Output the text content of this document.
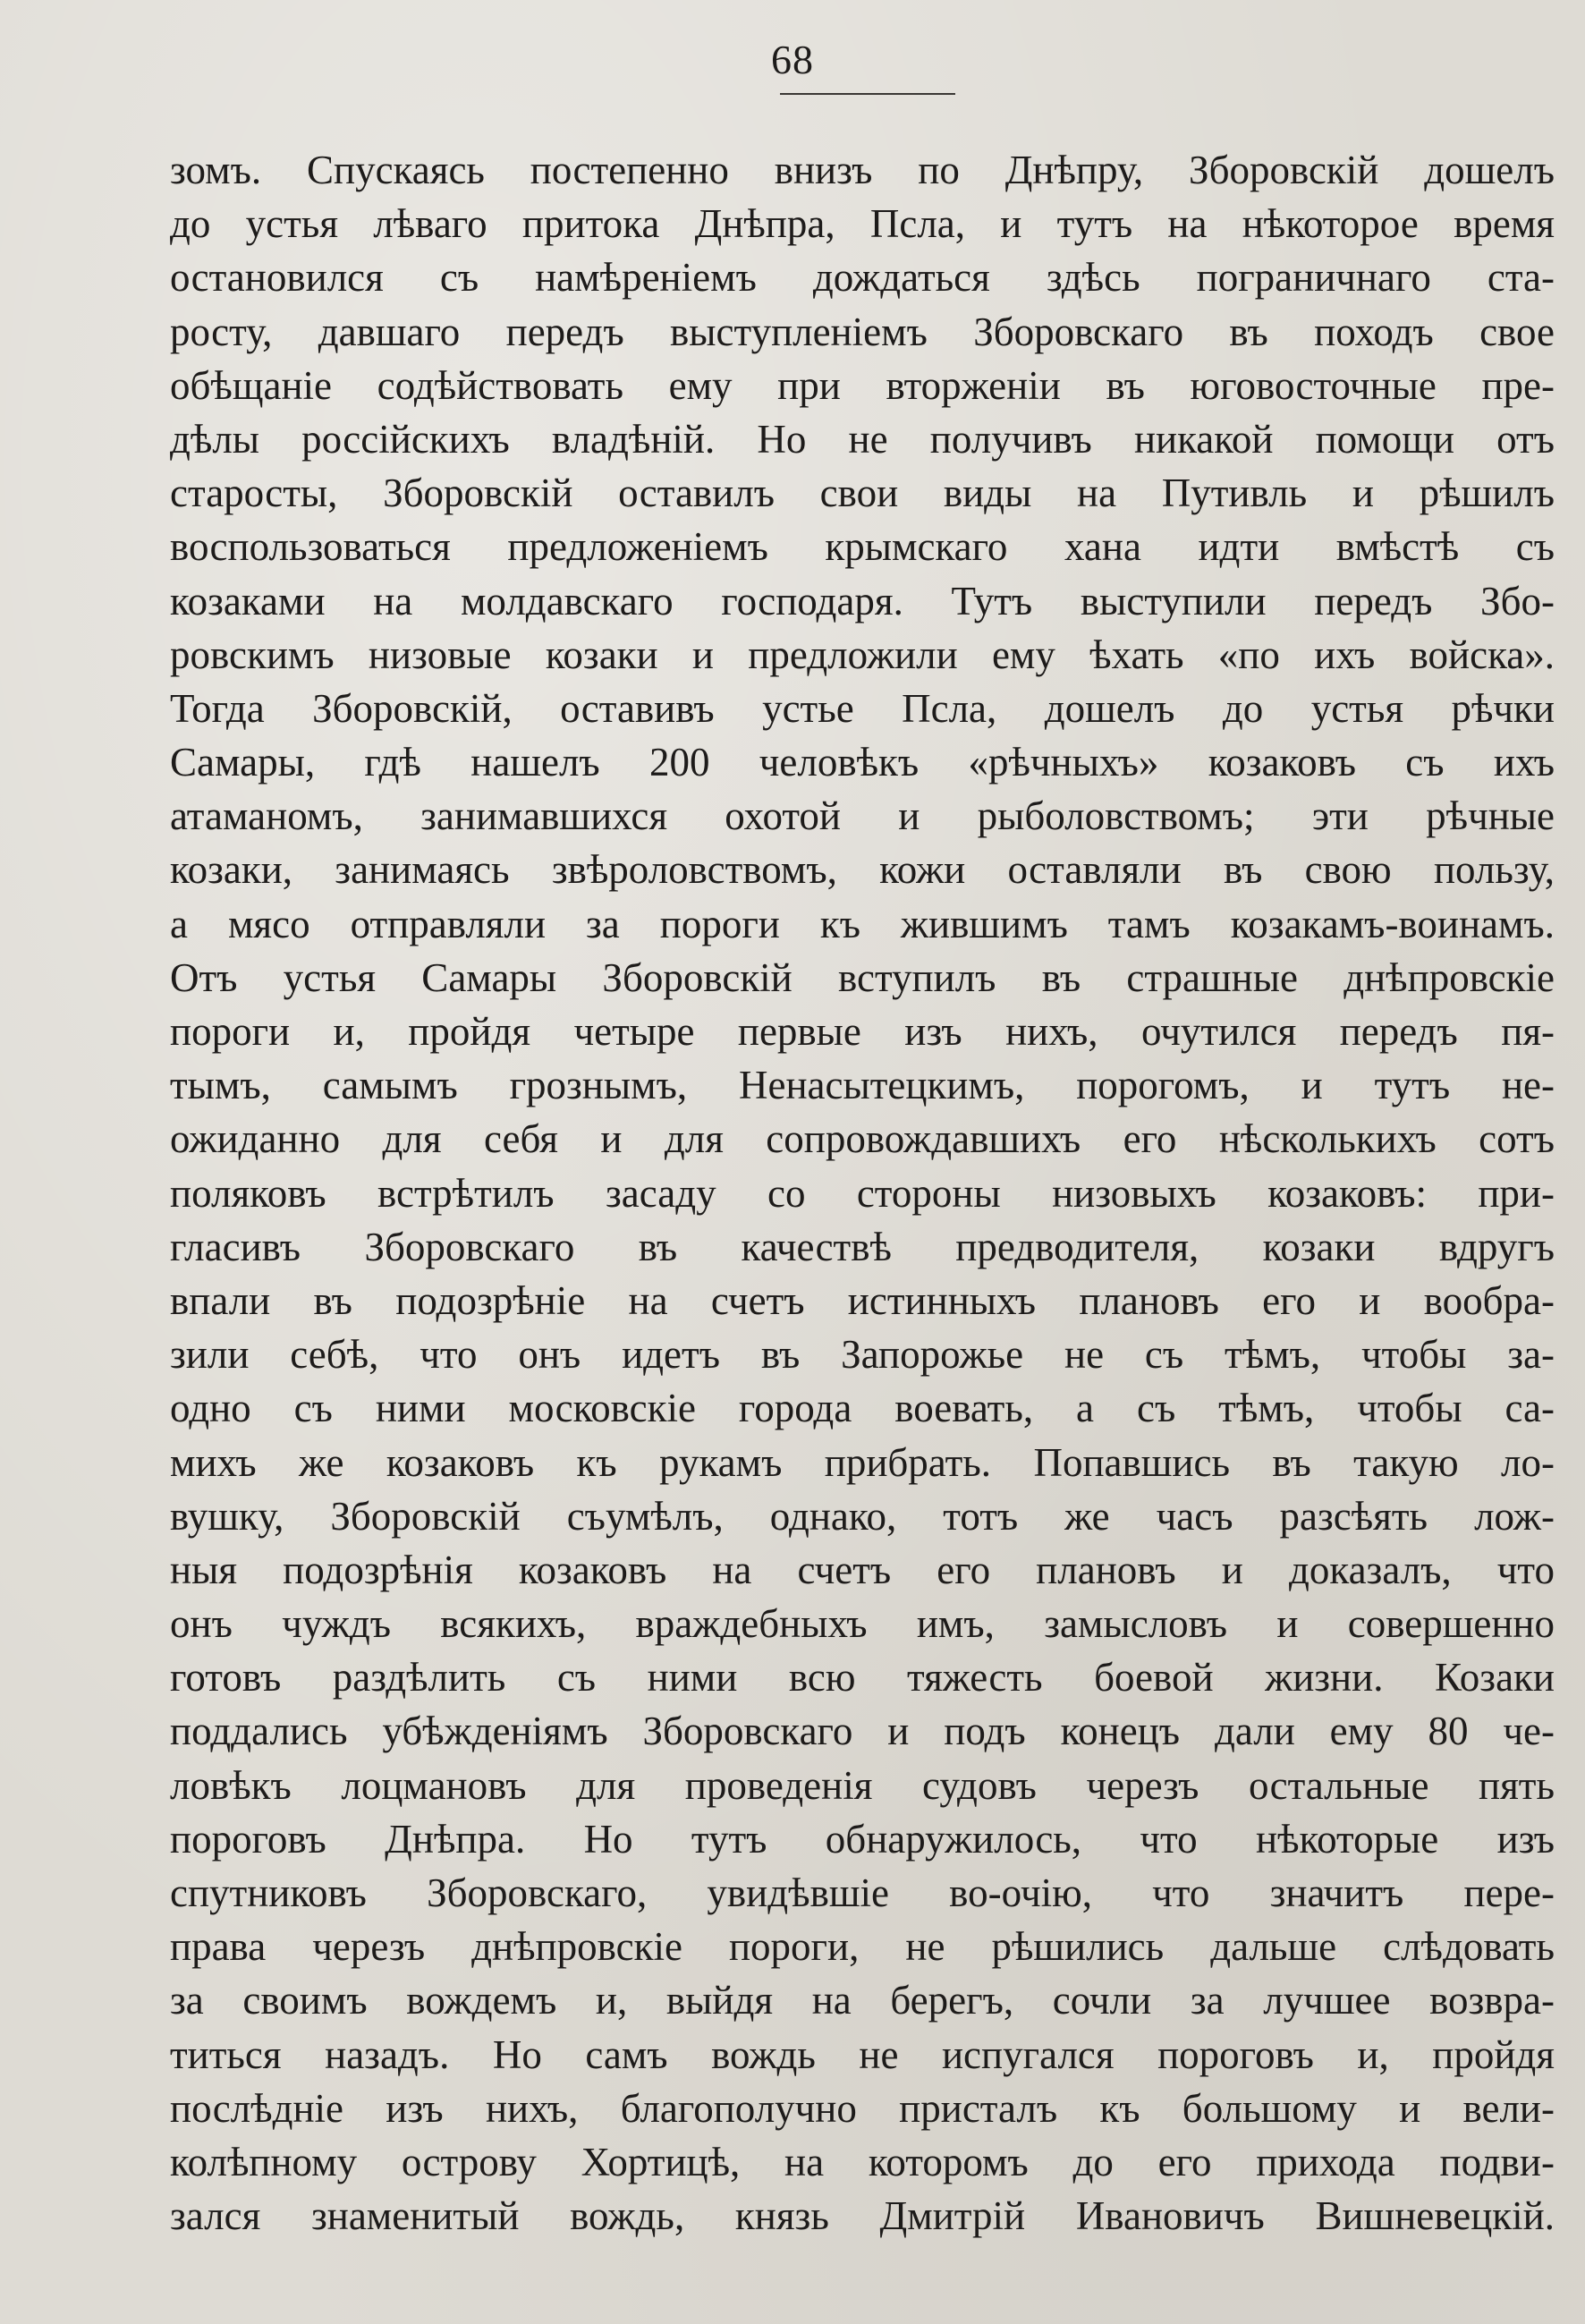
68
зомъ. Спускаясь постепенно внизъ по Днѣпру, Зборовскій дошелъ
до устья лѣваго притока Днѣпра, Псла, и тутъ на нѣкоторое время
остановился съ намѣреніемъ дождаться здѣсь пограничнаго ста-
росту, давшаго передъ выступленіемъ Зборовскаго въ походъ свое
обѣщаніе содѣйствовать ему при вторженіи въ юговосточные пре-
дѣлы россійскихъ владѣній. Но не получивъ никакой помощи отъ
старосты, Зборовскій оставилъ свои виды на Путивль и рѣшилъ
воспользоваться предложеніемъ крымскаго хана идти вмѣстѣ съ
козаками на молдавскаго господаря. Тутъ выступили передъ Збо-
ровскимъ низовые козаки и предложили ему ѣхать «по ихъ войска».
Тогда Зборовскій, оставивъ устье Псла, дошелъ до устья рѣчки
Самары, гдѣ нашелъ 200 человѣкъ «рѣчныхъ» козаковъ съ ихъ
атаманомъ, занимавшихся охотой и рыболовствомъ; эти рѣчные
козаки, занимаясь звѣроловствомъ, кожи оставляли въ свою пользу,
а мясо отправляли за пороги къ жившимъ тамъ козакамъ-воинамъ.
Отъ устья Самары Зборовскій вступилъ въ страшные днѣпровскіе
пороги и, пройдя четыре первые изъ нихъ, очутился передъ пя-
тымъ, самымъ грознымъ, Ненасытецкимъ, порогомъ, и тутъ не-
ожиданно для себя и для сопровождавшихъ его нѣсколькихъ сотъ
поляковъ встрѣтилъ засаду со стороны низовыхъ козаковъ: при-
гласивъ Зборовскаго въ качествѣ предводителя, козаки вдругъ
впали въ подозрѣніе на счетъ истинныхъ плановъ его и вообра-
зили себѣ, что онъ идетъ въ Запорожье не съ тѣмъ, чтобы за-
одно съ ними московскіе города воевать, а съ тѣмъ, чтобы са-
михъ же козаковъ къ рукамъ прибрать. Попавшись въ такую ло-
вушку, Зборовскій съумѣлъ, однако, тотъ же часъ разсѣять лож-
ныя подозрѣнія козаковъ на счетъ его плановъ и доказалъ, что
онъ чуждъ всякихъ, враждебныхъ имъ, замысловъ и совершенно
готовъ раздѣлить съ ними всю тяжесть боевой жизни. Козаки
поддались убѣжденіямъ Зборовскаго и подъ конецъ дали ему 80 че-
ловѣкъ лоцмановъ для проведенія судовъ черезъ остальные пять
пороговъ Днѣпра. Но тутъ обнаружилось, что нѣкоторые изъ
спутниковъ Зборовскаго, увидѣвшіе во-очію, что значитъ пере-
права черезъ днѣпровскіе пороги, не рѣшились дальше слѣдовать
за своимъ вождемъ и, выйдя на берегъ, сочли за лучшее возвра-
титься назадъ. Но самъ вождь не испугался пороговъ и, пройдя
послѣдніе изъ нихъ, благополучно присталъ къ большому и вели-
колѣпному острову Хортицѣ, на которомъ до его прихода подви-
зался знаменитый вождь, князь Дмитрій Ивановичъ Вишневецкій.
